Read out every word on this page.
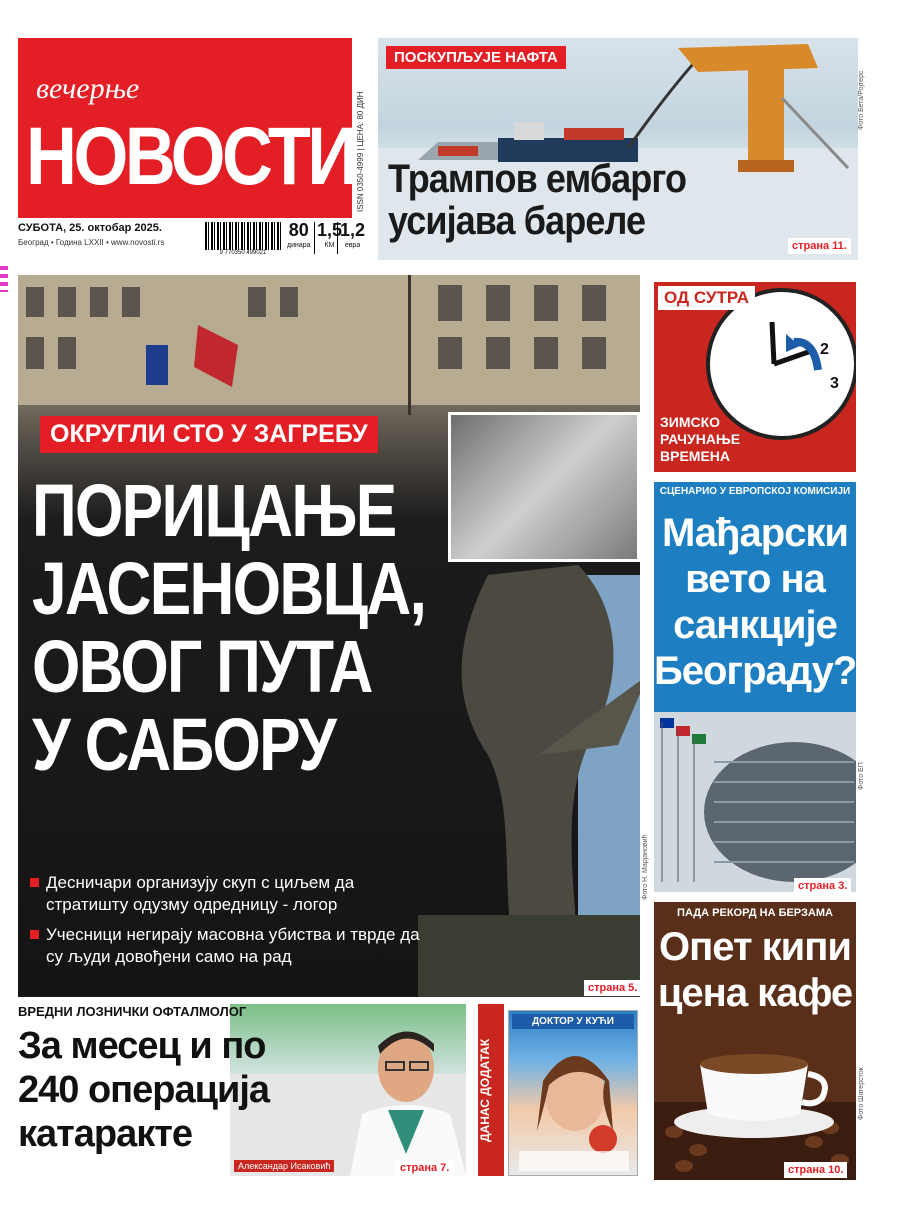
вечерње
НОВОСТИ ISSN 0350-4999 | ЦЕНА: 80 ДИН
СУБОТА, 25. октобар 2025.
Београд • Година LXXII • www.novosti.rs
9 770350 499021
80
динара
1,5
КМ
1,2
евра
ПОСКУПЉУЈЕ НАФТА
Трампов ембарго
усијава бареле
страна 11.
Фото Бета/Ројтерс
ОКРУГЛИ СТО У ЗАГРЕБУ
ПОРИЦАЊЕ
ЈАСЕНОВЦА,
ОВОГ ПУТА
У САБОРУ
Десничари организују скуп с циљем да стратишту одузму одредницу - логор
Учесници негирају масовна убиства и тврде да су људи довођени само на рад
страна 5.
Фото Н. Марјановић
2
3
ОД СУТРА
ЗИМСКО
РАЧУНАЊЕ
ВРЕМЕНА
СЦЕНАРИО У ЕВРОПСКОЈ КОМИСИЈИ
Мађарски
вето на
санкције
Београду?
страна 3.
Фото ЕП
ПАДА РЕКОРД НА БЕРЗАМА
Опет кипи
цена кафе
страна 10.
Фото Шатерсток
ВРЕДНИ ЛОЗНИЧКИ ОФТАЛМОЛОГ
За месец и по
240 операција
катаракте
Александар Исаковић	страна 7.
ДАНАС ДОДАТАК
ДОКТОР У КУЋИ
